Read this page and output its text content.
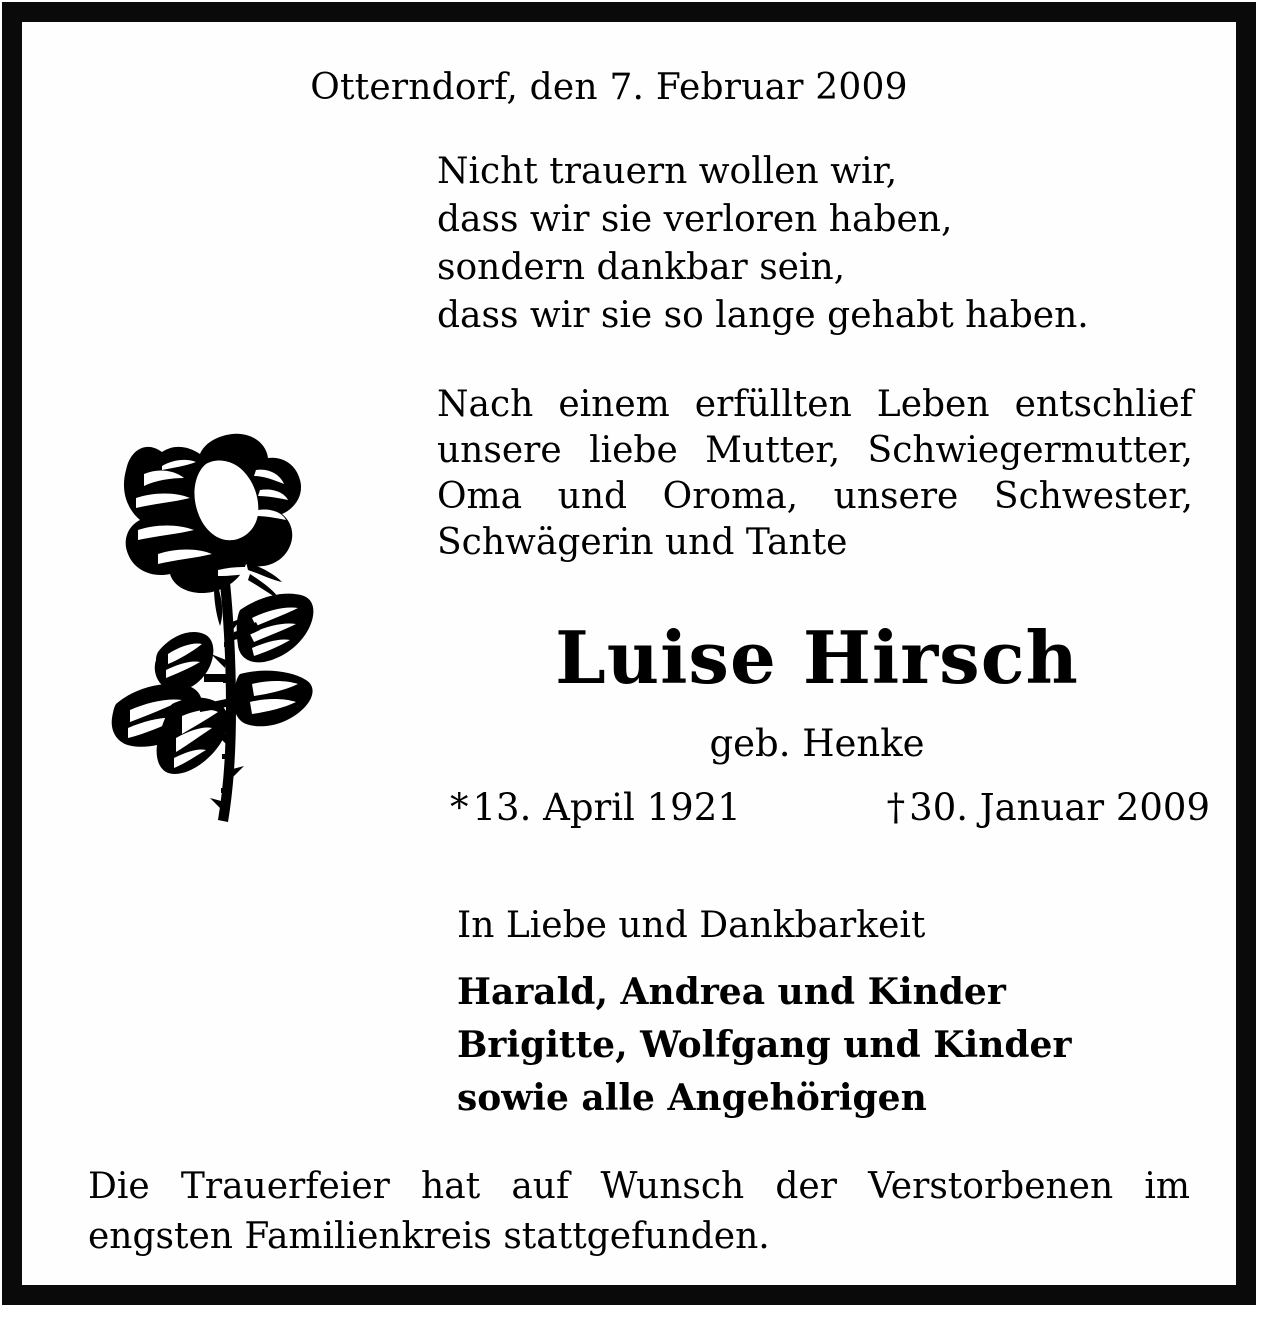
Otterndorf, den 7. Februar 2009
Nicht trauern wollen wir,
dass wir sie verloren haben,
sondern dankbar sein,
dass wir sie so lange gehabt haben.
Nach einem erfüllten Leben entschlief unsere liebe Mutter, Schwiegermutter, Oma und Oroma, unsere Schwester, Schwägerin und Tante
Luise Hirsch
geb. Henke
*13. April 1921	†30. Januar 2009
In Liebe und Dankbarkeit
Harald, Andrea und Kinder
Brigitte, Wolfgang und Kinder
sowie alle Angehörigen
Die Trauerfeier hat auf Wunsch der Verstorbenen im engsten Familienkreis stattgefunden.
